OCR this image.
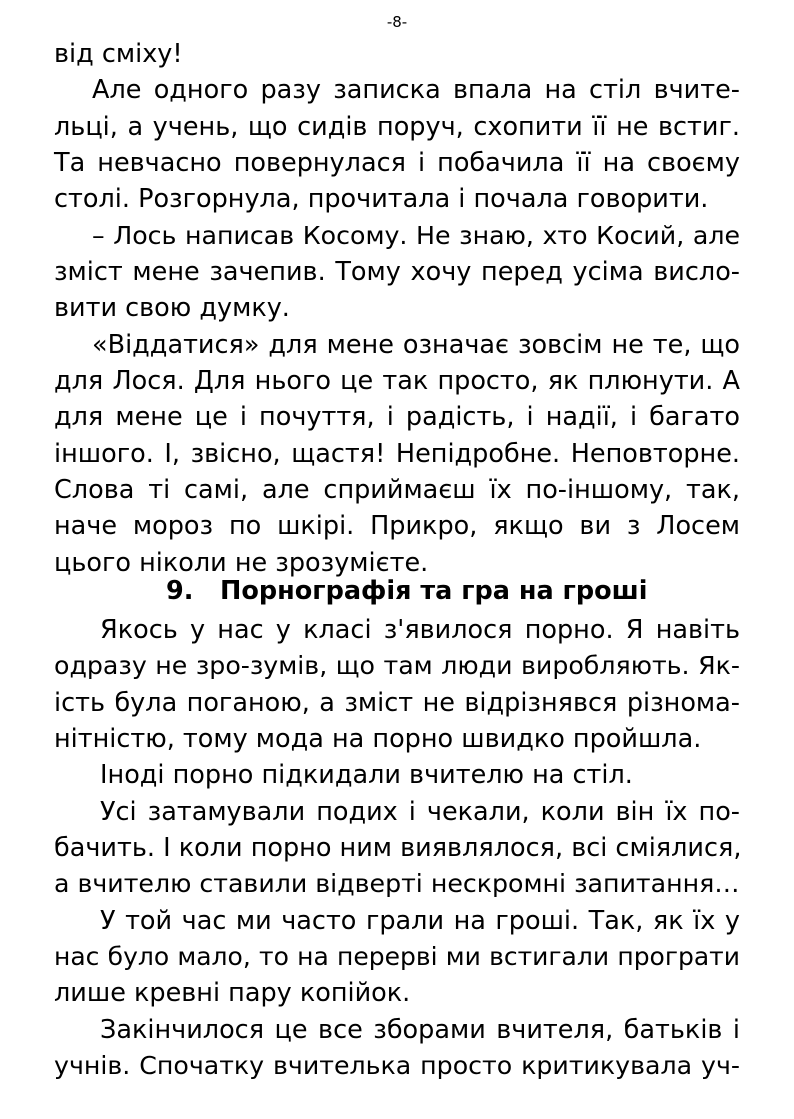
-8-
від сміху!
Але одного разу записка впала на стіл вчите-
льці, а учень, що сидів поруч, схопити її не встиг.
Та невчасно повернулася і побачила її на своєму
столі. Розгорнула, прочитала і почала говорити.
– Лось написав Косому. Не знаю, хто Косий, але
зміст мене зачепив. Тому хочу перед усіма висло-
вити свою думку.
«Віддатися» для мене означає зовсім не те, що
для Лося. Для нього це так просто, як плюнути. А
для мене це і почуття, і радість, і надії, і багато
іншого. І, звісно, щастя! Непідробне. Неповторне.
Слова ті самі, але сприймаєш їх по-іншому, так,
наче мороз по шкірі. Прикро, якщо ви з Лосем
цього ніколи не зрозумієте.
9. Порнографія та гра на гроші
Якось у нас у класі з'явилося порно. Я навіть
одразу не зро-зумів, що там люди виробляють. Як-
ість була поганою, а зміст не відрізнявся різнома-
нітністю, тому мода на порно швидко пройшла.
Іноді порно підкидали вчителю на стіл.
Усі затамували подих і чекали, коли він їх по-
бачить. І коли порно ним виявлялося, всі сміялися,
а вчителю ставили відверті нескромні запитання…
У той час ми часто грали на гроші. Так, як їх у
нас було мало, то на перерві ми встигали програти
лише кревні пару копійок.
Закінчилося це все зборами вчителя, батьків і
учнів. Спочатку вчителька просто критикувала уч-
